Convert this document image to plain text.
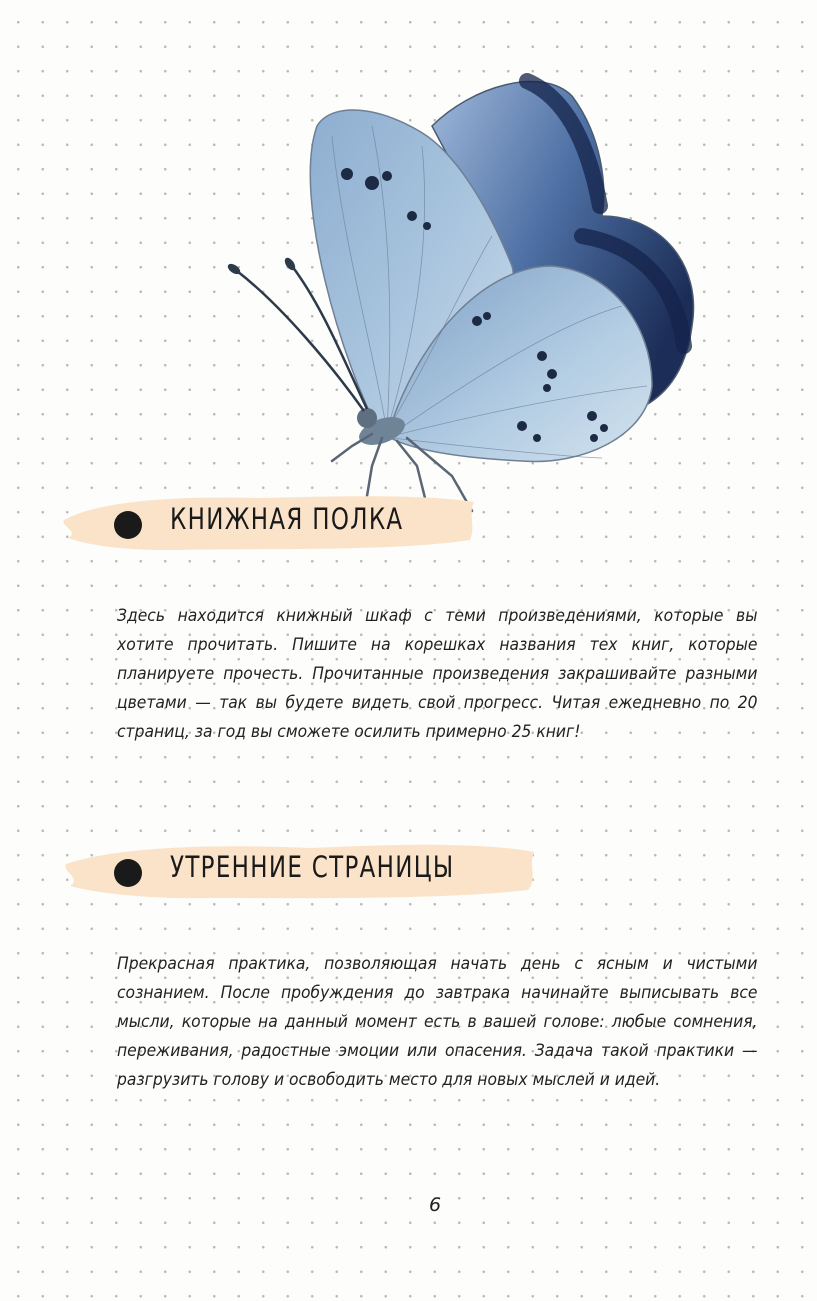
КНИЖНАЯ ПОЛКА
Здесь находится книжный шкаф с теми произведениями, которые вы хотите прочитать. Пишите на корешках названия тех книг, которые планируете прочесть. Прочитанные произведения закрашивайте разными цветами — так вы будете видеть свой прогресс. Читая ежедневно по 20 страниц, за год вы сможете осилить примерно 25 книг!
УТРЕННИЕ СТРАНИЦЫ
Прекрасная практика, позволяющая начать день с ясным и чистыми сознанием. После пробуждения до завтрака начинайте выписывать все мысли, которые на данный момент есть в вашей голове: любые сомнения, переживания, радостные эмоции или опасения. Задача такой практики — разгрузить голову и освободить место для новых мыслей и идей.
6
